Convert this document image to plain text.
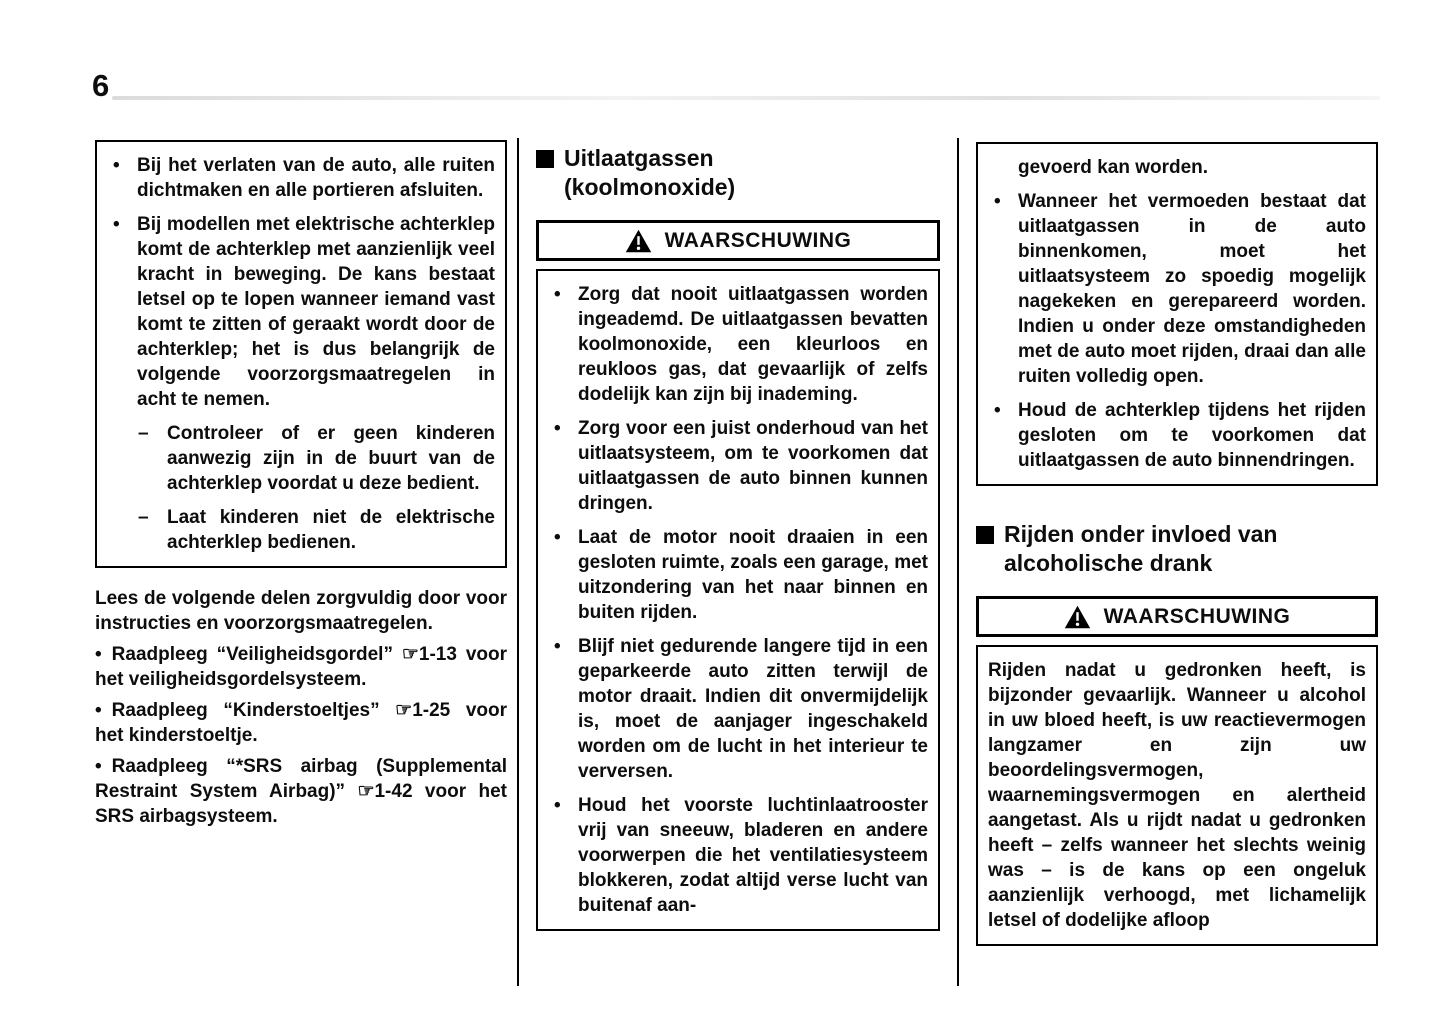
6
• Bij het verlaten van de auto, alle ruiten dichtmaken en alle portieren afsluiten.
• Bij modellen met elektrische achterklep komt de achterklep met aanzienlijk veel kracht in beweging. De kans bestaat letsel op te lopen wanneer iemand vast komt te zitten of geraakt wordt door de achterklep; het is dus belangrijk de volgende voorzorgsmaatregelen in acht te nemen.
– Controleer of er geen kinderen aanwezig zijn in de buurt van de achterklep voordat u deze bedient.
– Laat kinderen niet de elektrische achterklep bedienen.

Lees de volgende delen zorgvuldig door voor instructies en voorzorgsmaatregelen.

• Raadpleeg “Veiligheidsgordel” ☞1-13 voor het veiligheidsgordelsysteem.

• Raadpleeg “Kinderstoeltjes” ☞1-25 voor het kinderstoeltje.

• Raadpleeg “*SRS airbag (Supplemental Restraint System Airbag)” ☞1-42 voor het SRS airbagsysteem.

Uitlaatgassen (koolmonoxide)
WAARSCHUWING
• Zorg dat nooit uitlaatgassen worden ingeademd. De uitlaatgassen bevatten koolmonoxide, een kleurloos en reukloos gas, dat gevaarlijk of zelfs dodelijk kan zijn bij inademing.
• Zorg voor een juist onderhoud van het uitlaatsysteem, om te voorkomen dat uitlaatgassen de auto binnen kunnen dringen.
• Laat de motor nooit draaien in een gesloten ruimte, zoals een garage, met uitzondering van het naar binnen en buiten rijden.
• Blijf niet gedurende langere tijd in een geparkeerde auto zitten terwijl de motor draait. Indien dit onvermijdelijk is, moet de aanjager ingeschakeld worden om de lucht in het interieur te verversen.
• Houd het voorste luchtinlaatrooster vrij van sneeuw, bladeren en andere voorwerpen die het ventilatiesysteem blokkeren, zodat altijd verse lucht van buitenaf aan-
gevoerd kan worden.
• Wanneer het vermoeden bestaat dat uitlaatgassen in de auto binnenkomen, moet het uitlaatsysteem zo spoedig mogelijk nagekeken en gerepareerd worden. Indien u onder deze omstandigheden met de auto moet rijden, draai dan alle ruiten volledig open.
• Houd de achterklep tijdens het rijden gesloten om te voorkomen dat uitlaatgassen de auto binnendringen.
Rijden onder invloed van alcoholische drank
WAARSCHUWING

Rijden nadat u gedronken heeft, is bijzonder gevaarlijk. Wanneer u alcohol in uw bloed heeft, is uw reactievermogen langzamer en zijn uw beoordelingsvermogen, waarnemingsvermogen en alertheid aangetast. Als u rijdt nadat u gedronken heeft – zelfs wanneer het slechts weinig was – is de kans op een ongeluk aanzienlijk verhoogd, met lichamelijk letsel of dodelijke afloop
